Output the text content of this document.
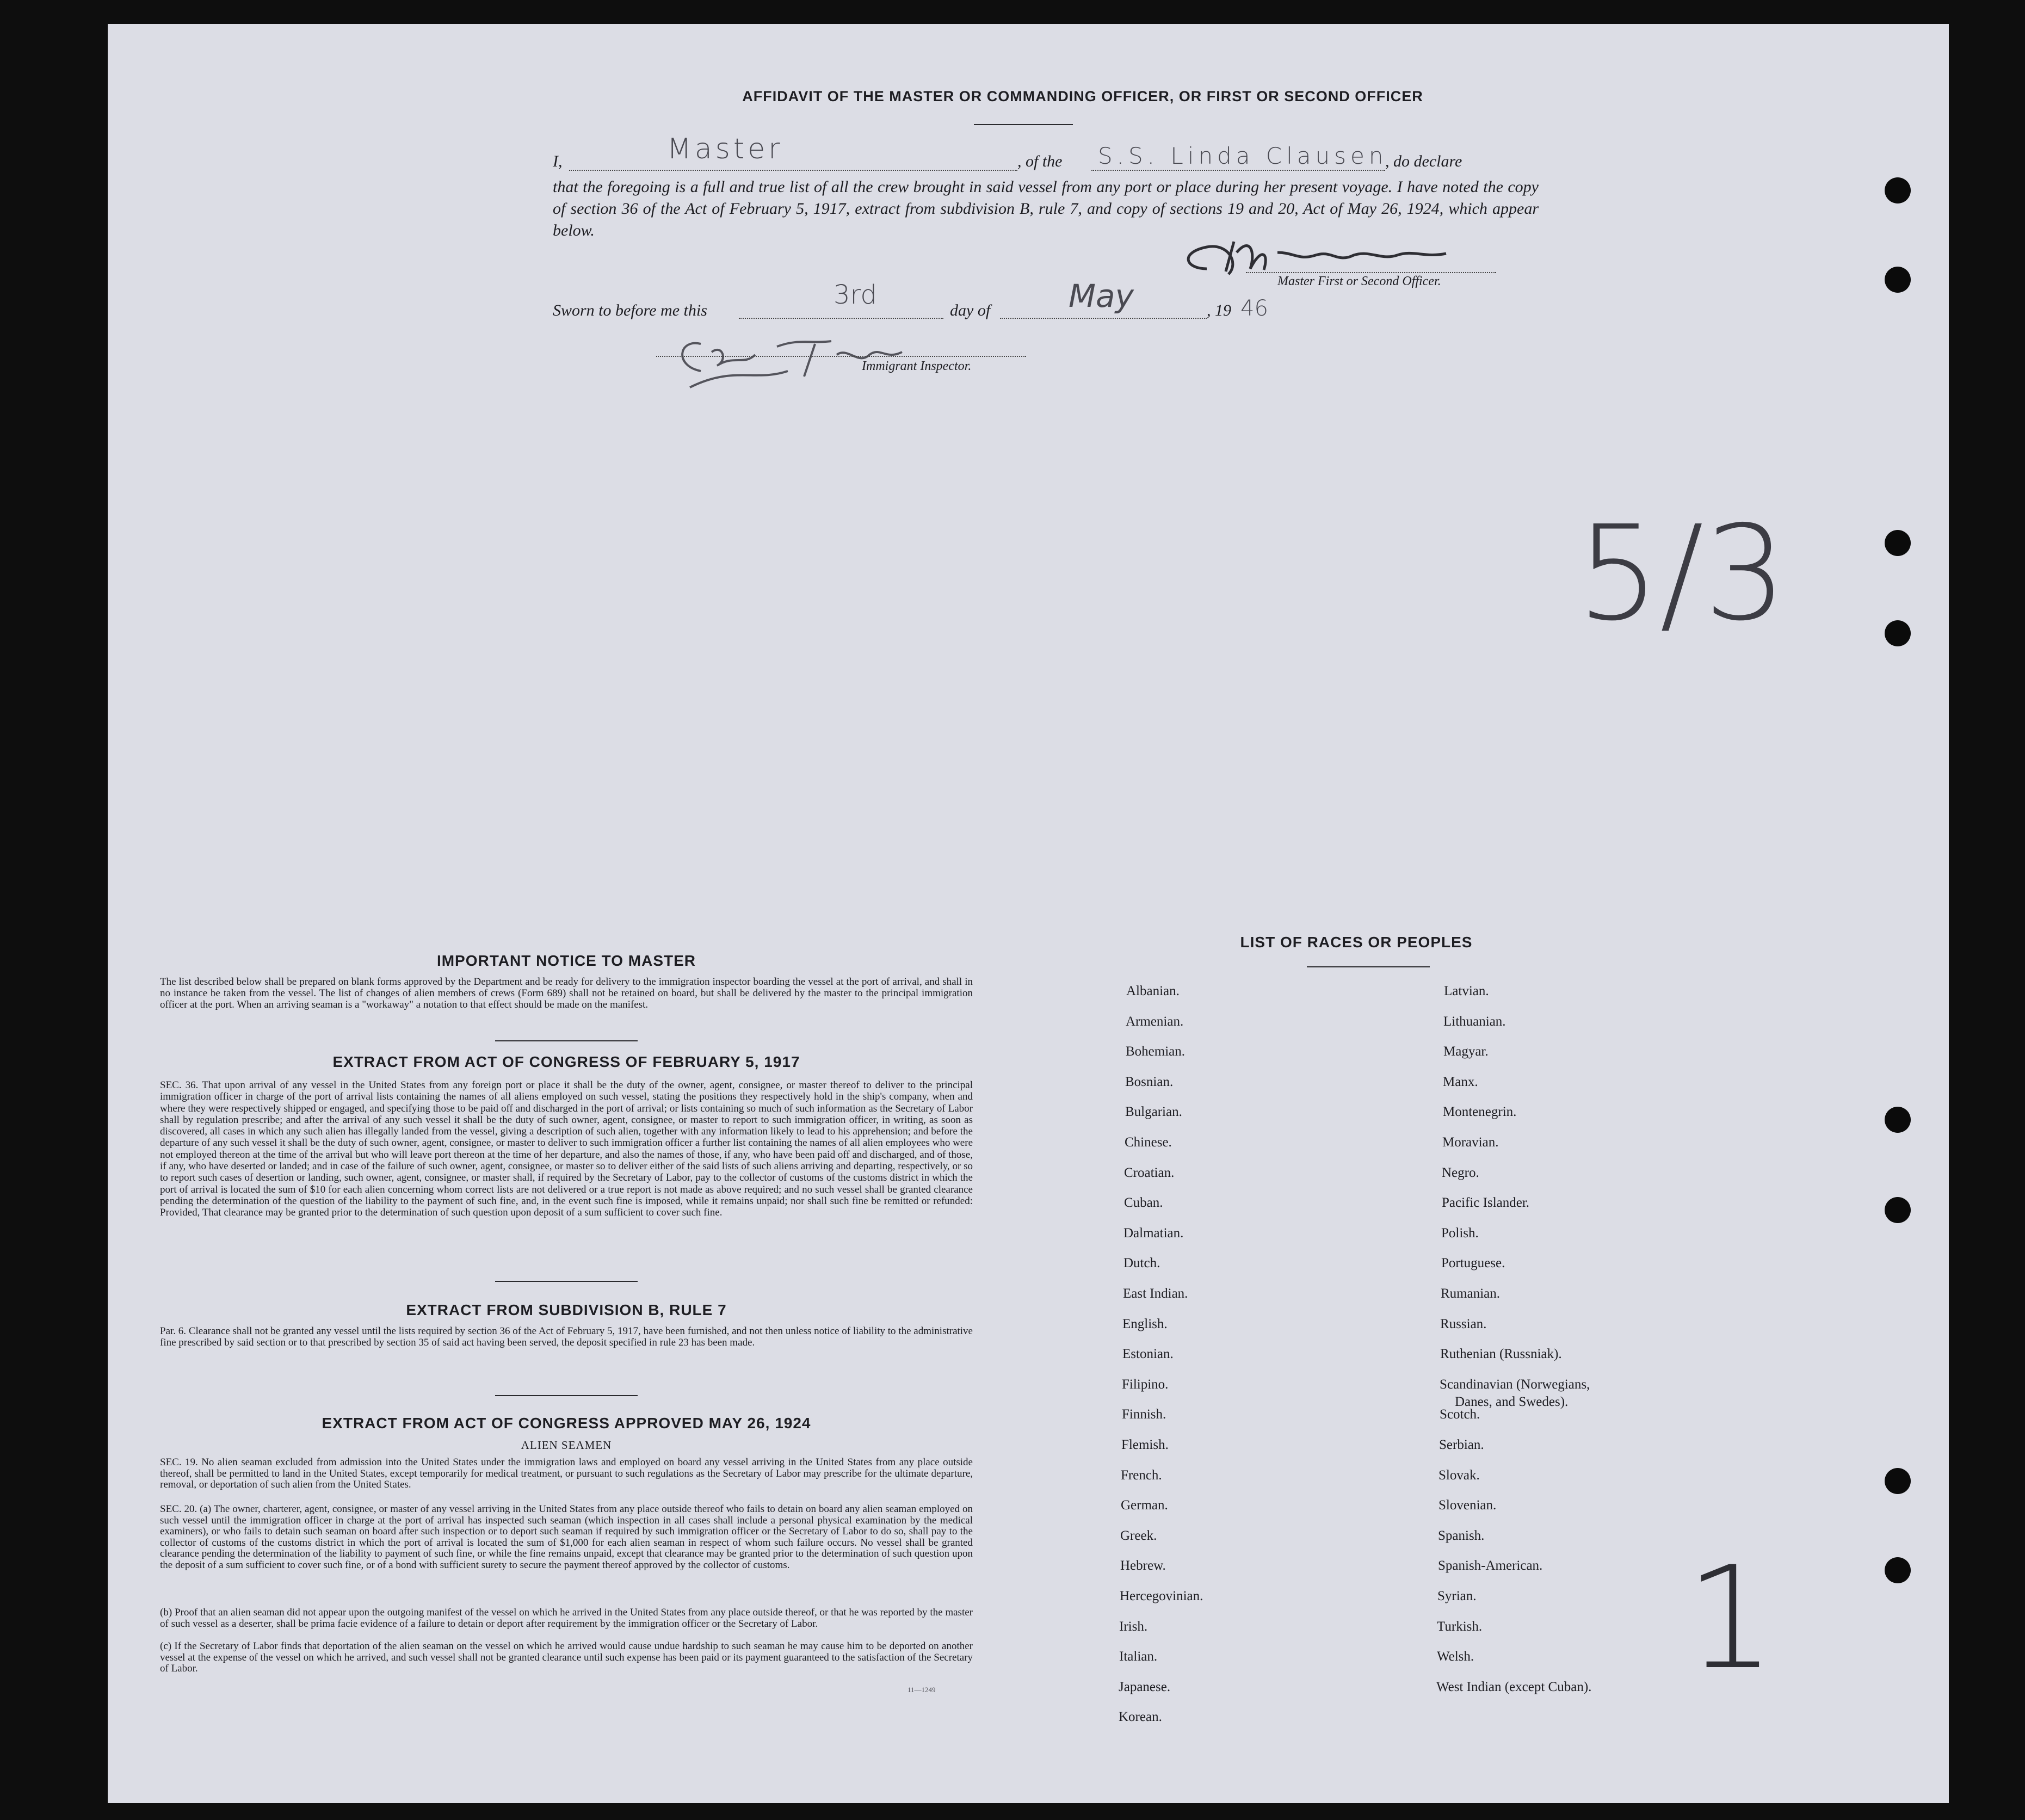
AFFIDAVIT OF THE MASTER OR COMMANDING OFFICER, OR FIRST OR SECOND OFFICER
I,	Master	, of the S.S. Linda Clausen
, do declare
that the foregoing is a full and true list of all the crew brought in said vessel from any port or place during her present voyage. I have noted the copy of section 36 of the Act of February 5, 1917, extract from subdivision B, rule 7, and copy of sections 19 and 20, Act of May 26, 1924, which appear below.
Master First or Second Officer.
Sworn to before me this
3rd
day of May	, 19 46
Immigrant Inspector.
5/3
1
IMPORTANT NOTICE TO MASTER

The list described below shall be prepared on blank forms approved by the Department and be ready for delivery to the immigration inspector boarding the vessel at the port of arrival, and shall in no instance be taken from the vessel. The list of changes of alien members of crews (Form 689) shall not be retained on board, but shall be delivered by the master to the principal immigration officer at the port. When an arriving seaman is a "workaway" a notation to that effect should be made on the manifest.

EXTRACT FROM ACT OF CONGRESS OF FEBRUARY 5, 1917

SEC. 36. That upon arrival of any vessel in the United States from any foreign port or place it shall be the duty of the owner, agent, consignee, or master thereof to deliver to the principal immigration officer in charge of the port of arrival lists containing the names of all aliens employed on such vessel, stating the positions they respectively hold in the ship's company, when and where they were respectively shipped or engaged, and specifying those to be paid off and discharged in the port of arrival; or lists containing so much of such information as the Secretary of Labor shall by regulation prescribe; and after the arrival of any such vessel it shall be the duty of such owner, agent, consignee, or master to report to such immigration officer, in writing, as soon as discovered, all cases in which any such alien has illegally landed from the vessel, giving a description of such alien, together with any information likely to lead to his apprehension; and before the departure of any such vessel it shall be the duty of such owner, agent, consignee, or master to deliver to such immigration officer a further list containing the names of all alien employees who were not employed thereon at the time of the arrival but who will leave port thereon at the time of her departure, and also the names of those, if any, who have been paid off and discharged, and of those, if any, who have deserted or landed; and in case of the failure of such owner, agent, consignee, or master so to deliver either of the said lists of such aliens arriving and departing, respectively, or so to report such cases of desertion or landing, such owner, agent, consignee, or master shall, if required by the Secretary of Labor, pay to the collector of customs of the customs district in which the port of arrival is located the sum of $10 for each alien concerning whom correct lists are not delivered or a true report is not made as above required; and no such vessel shall be granted clearance pending the determination of the question of the liability to the payment of such fine, and, in the event such fine is imposed, while it remains unpaid; nor shall such fine be remitted or refunded: Provided, That clearance may be granted prior to the determination of such question upon deposit of a sum sufficient to cover such fine.

EXTRACT FROM SUBDIVISION B, RULE 7

Par. 6. Clearance shall not be granted any vessel until the lists required by section 36 of the Act of February 5, 1917, have been furnished, and not then unless notice of liability to the administrative fine prescribed by said section or to that prescribed by section 35 of said act having been served, the deposit specified in rule 23 has been made.

EXTRACT FROM ACT OF CONGRESS APPROVED MAY 26, 1924
ALIEN SEAMEN

SEC. 19. No alien seaman excluded from admission into the United States under the immigration laws and employed on board any vessel arriving in the United States from any place outside thereof, shall be permitted to land in the United States, except temporarily for medical treatment, or pursuant to such regulations as the Secretary of Labor may prescribe for the ultimate departure, removal, or deportation of such alien from the United States.

SEC. 20. (a) The owner, charterer, agent, consignee, or master of any vessel arriving in the United States from any place outside thereof who fails to detain on board any alien seaman employed on such vessel until the immigration officer in charge at the port of arrival has inspected such seaman (which inspection in all cases shall include a personal physical examination by the medical examiners), or who fails to detain such seaman on board after such inspection or to deport such seaman if required by such immigration officer or the Secretary of Labor to do so, shall pay to the collector of customs of the customs district in which the port of arrival is located the sum of $1,000 for each alien seaman in respect of whom such failure occurs. No vessel shall be granted clearance pending the determination of the liability to payment of such fine, or while the fine remains unpaid, except that clearance may be granted prior to the determination of such question upon the deposit of a sum sufficient to cover such fine, or of a bond with sufficient surety to secure the payment thereof approved by the collector of customs.

(b) Proof that an alien seaman did not appear upon the outgoing manifest of the vessel on which he arrived in the United States from any place outside thereof, or that he was reported by the master of such vessel as a deserter, shall be prima facie evidence of a failure to detain or deport after requirement by the immigration officer or the Secretary of Labor.

(c) If the Secretary of Labor finds that deportation of the alien seaman on the vessel on which he arrived would cause undue hardship to such seaman he may cause him to be deported on another vessel at the expense of the vessel on which he arrived, and such vessel shall not be granted clearance until such expense has been paid or its payment guaranteed to the satisfaction of the Secretary of Labor.

11—1249
LIST OF RACES OR PEOPLES
Albanian.
Armenian.
Bohemian.
Bosnian.
Bulgarian.
Chinese.
Croatian.
Cuban.
Dalmatian.
Dutch.
East Indian.
English.
Estonian.
Filipino.
Finnish.
Flemish.
French.
German.
Greek.
Hebrew.
Hercegovinian.
Irish.
Italian.
Japanese.
Korean.
Latvian.
Lithuanian.
Magyar.
Manx.
Montenegrin.
Moravian.
Negro.
Pacific Islander.
Polish.
Portuguese.
Rumanian.
Russian.
Ruthenian (Russniak).
Scandinavian (Norwegians,
Danes, and Swedes).
Scotch.
Serbian.
Slovak.
Slovenian.
Spanish.
Spanish-American.
Syrian.
Turkish.
Welsh.
West Indian (except Cuban).
